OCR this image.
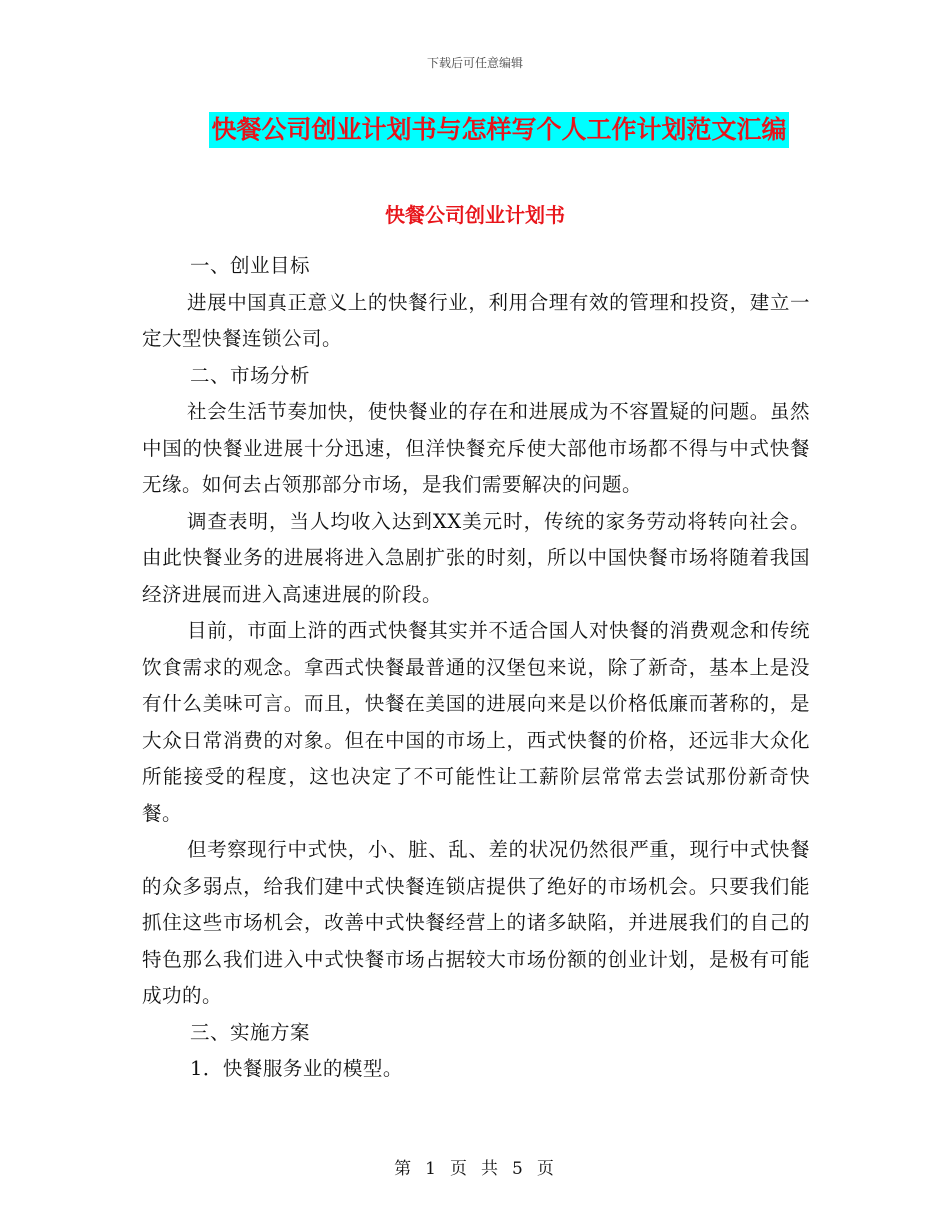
下载后可任意编辑
快餐公司创业计划书与怎样写个人工作计划范文汇编
快餐公司创业计划书

一、创业目标

进展中国真正意义上的快餐行业，利用合理有效的管理和投资，建立一定大型快餐连锁公司。

二、市场分析

社会生活节奏加快，使快餐业的存在和进展成为不容置疑的问题。虽然中国的快餐业进展十分迅速，但洋快餐充斥使大部他市场都不得与中式快餐无缘。如何去占领那部分市场，是我们需要解决的问题。

调查表明，当人均收入达到XX美元时，传统的家务劳动将转向社会。由此快餐业务的进展将进入急剧扩张的时刻，所以中国快餐市场将随着我国经济进展而进入高速进展的阶段。

目前，市面上浒的西式快餐其实并不适合国人对快餐的消费观念和传统饮食需求的观念。拿西式快餐最普通的汉堡包来说，除了新奇，基本上是没有什么美味可言。而且，快餐在美国的进展向来是以价格低廉而著称的，是大众日常消费的对象。但在中国的市场上，西式快餐的价格，还远非大众化所能接受的程度，这也决定了不可能性让工薪阶层常常去尝试那份新奇快餐。

但考察现行中式快，小、脏、乱、差的状况仍然很严重，现行中式快餐的众多弱点，给我们建中式快餐连锁店提供了绝好的市场机会。只要我们能抓住这些市场机会，改善中式快餐经营上的诸多缺陷，并进展我们的自己的特色那么我们进入中式快餐市场占据较大市场份额的创业计划，是极有可能成功的。

三、实施方案

1．快餐服务业的模型。

第 1 页 共 5 页
